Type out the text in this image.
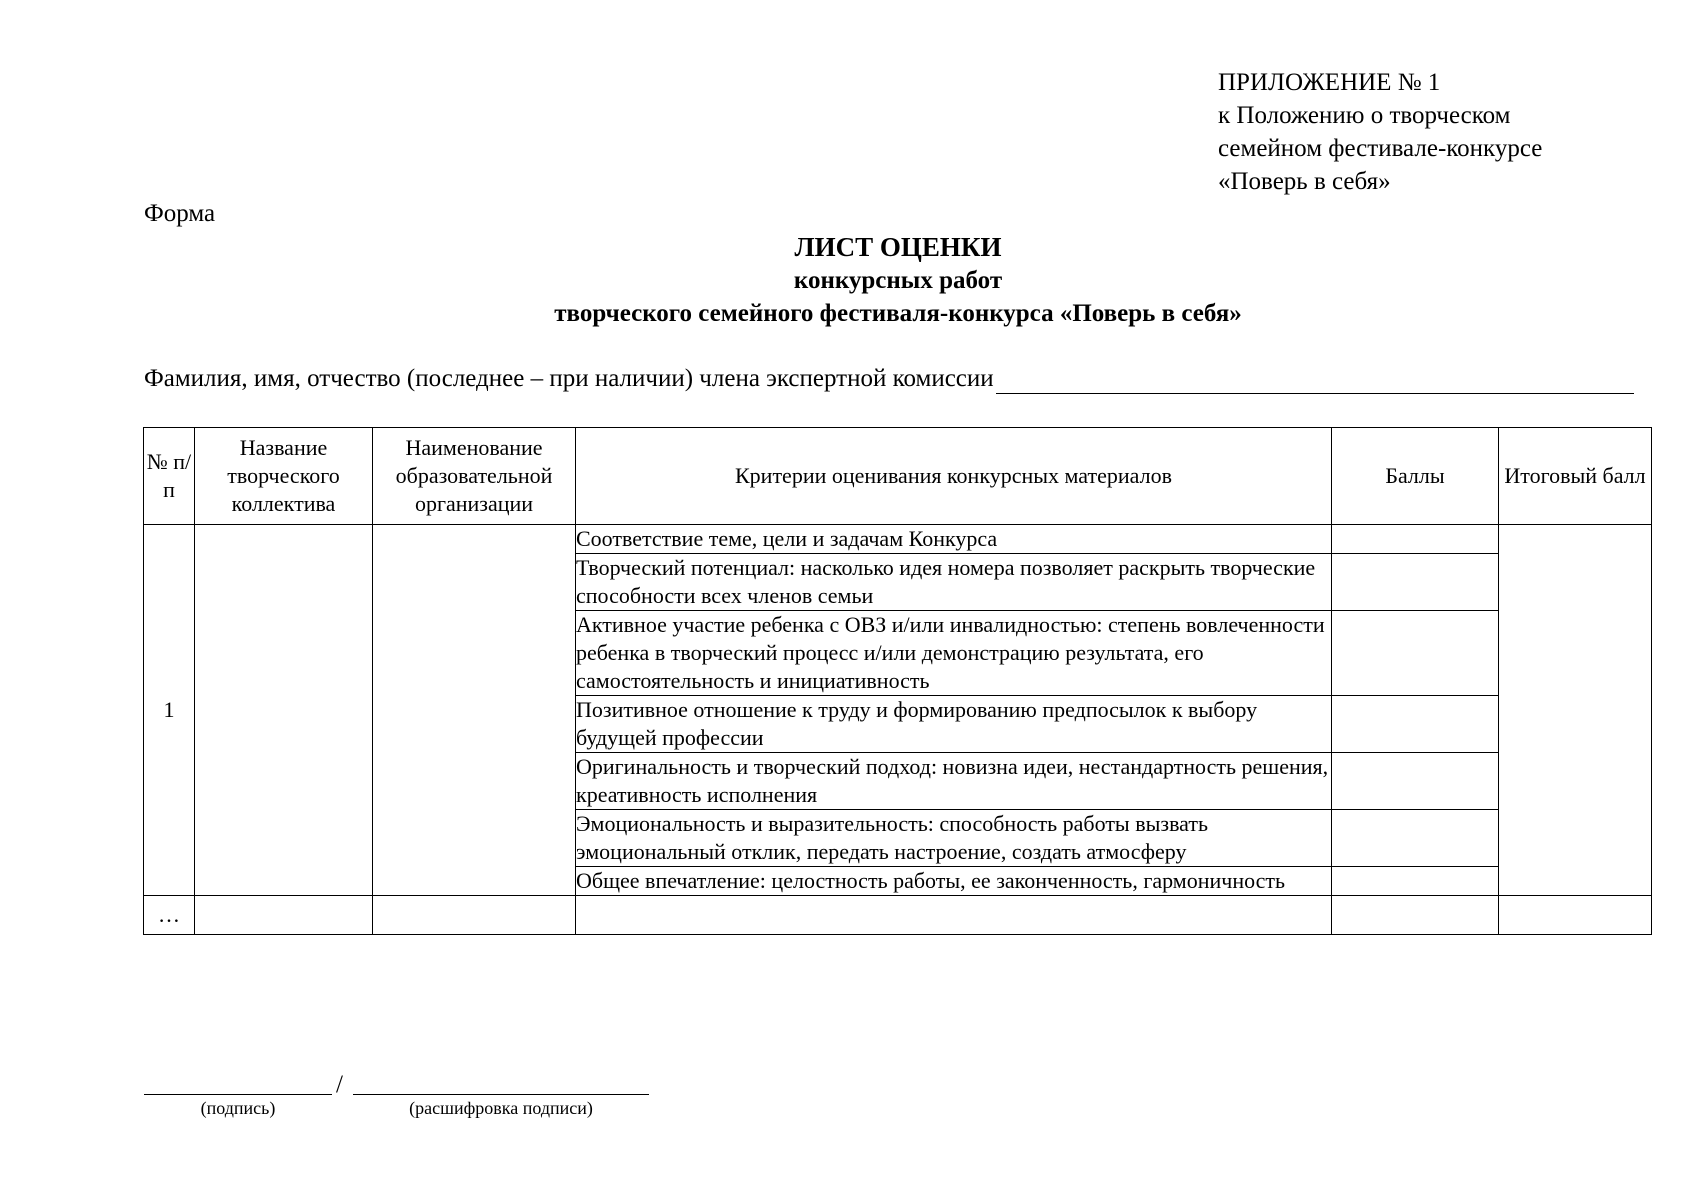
ПРИЛОЖЕНИЕ № 1
к Положению о творческом
семейном фестивале-конкурсе
«Поверь в себя»
Форма
ЛИСТ ОЦЕНКИ
конкурсных работ
творческого семейного фестиваля-конкурса «Поверь в себя»
Фамилия, имя, отчество (последнее – при наличии) члена экспертной комиссии
№ п/п	Название творческого коллектива	Наименование образовательной организации	Критерии оценивания конкурсных материалов	Баллы	Итоговый балл
1			Соответствие теме, цели и задачам Конкурса		
			Творческий потенциал: насколько идея номера позволяет раскрыть творческие способности всех членов семьи		
			Активное участие ребенка с ОВЗ и/или инвалидностью: степень вовлеченности ребенка в творческий процесс и/или демонстрацию результата, его самостоятельность и инициативность		
			Позитивное отношение к труду и формированию предпосылок к выбору будущей профессии		
			Оригинальность и творческий подход: новизна идеи, нестандартность решения, креативность исполнения		
			Эмоциональность и выразительность: способность работы вызвать эмоциональный отклик, передать настроение, создать атмосферу		
			Общее впечатление: целостность работы, ее законченность, гармоничность		
…					
/
(подпись)	(расшифровка подписи)
